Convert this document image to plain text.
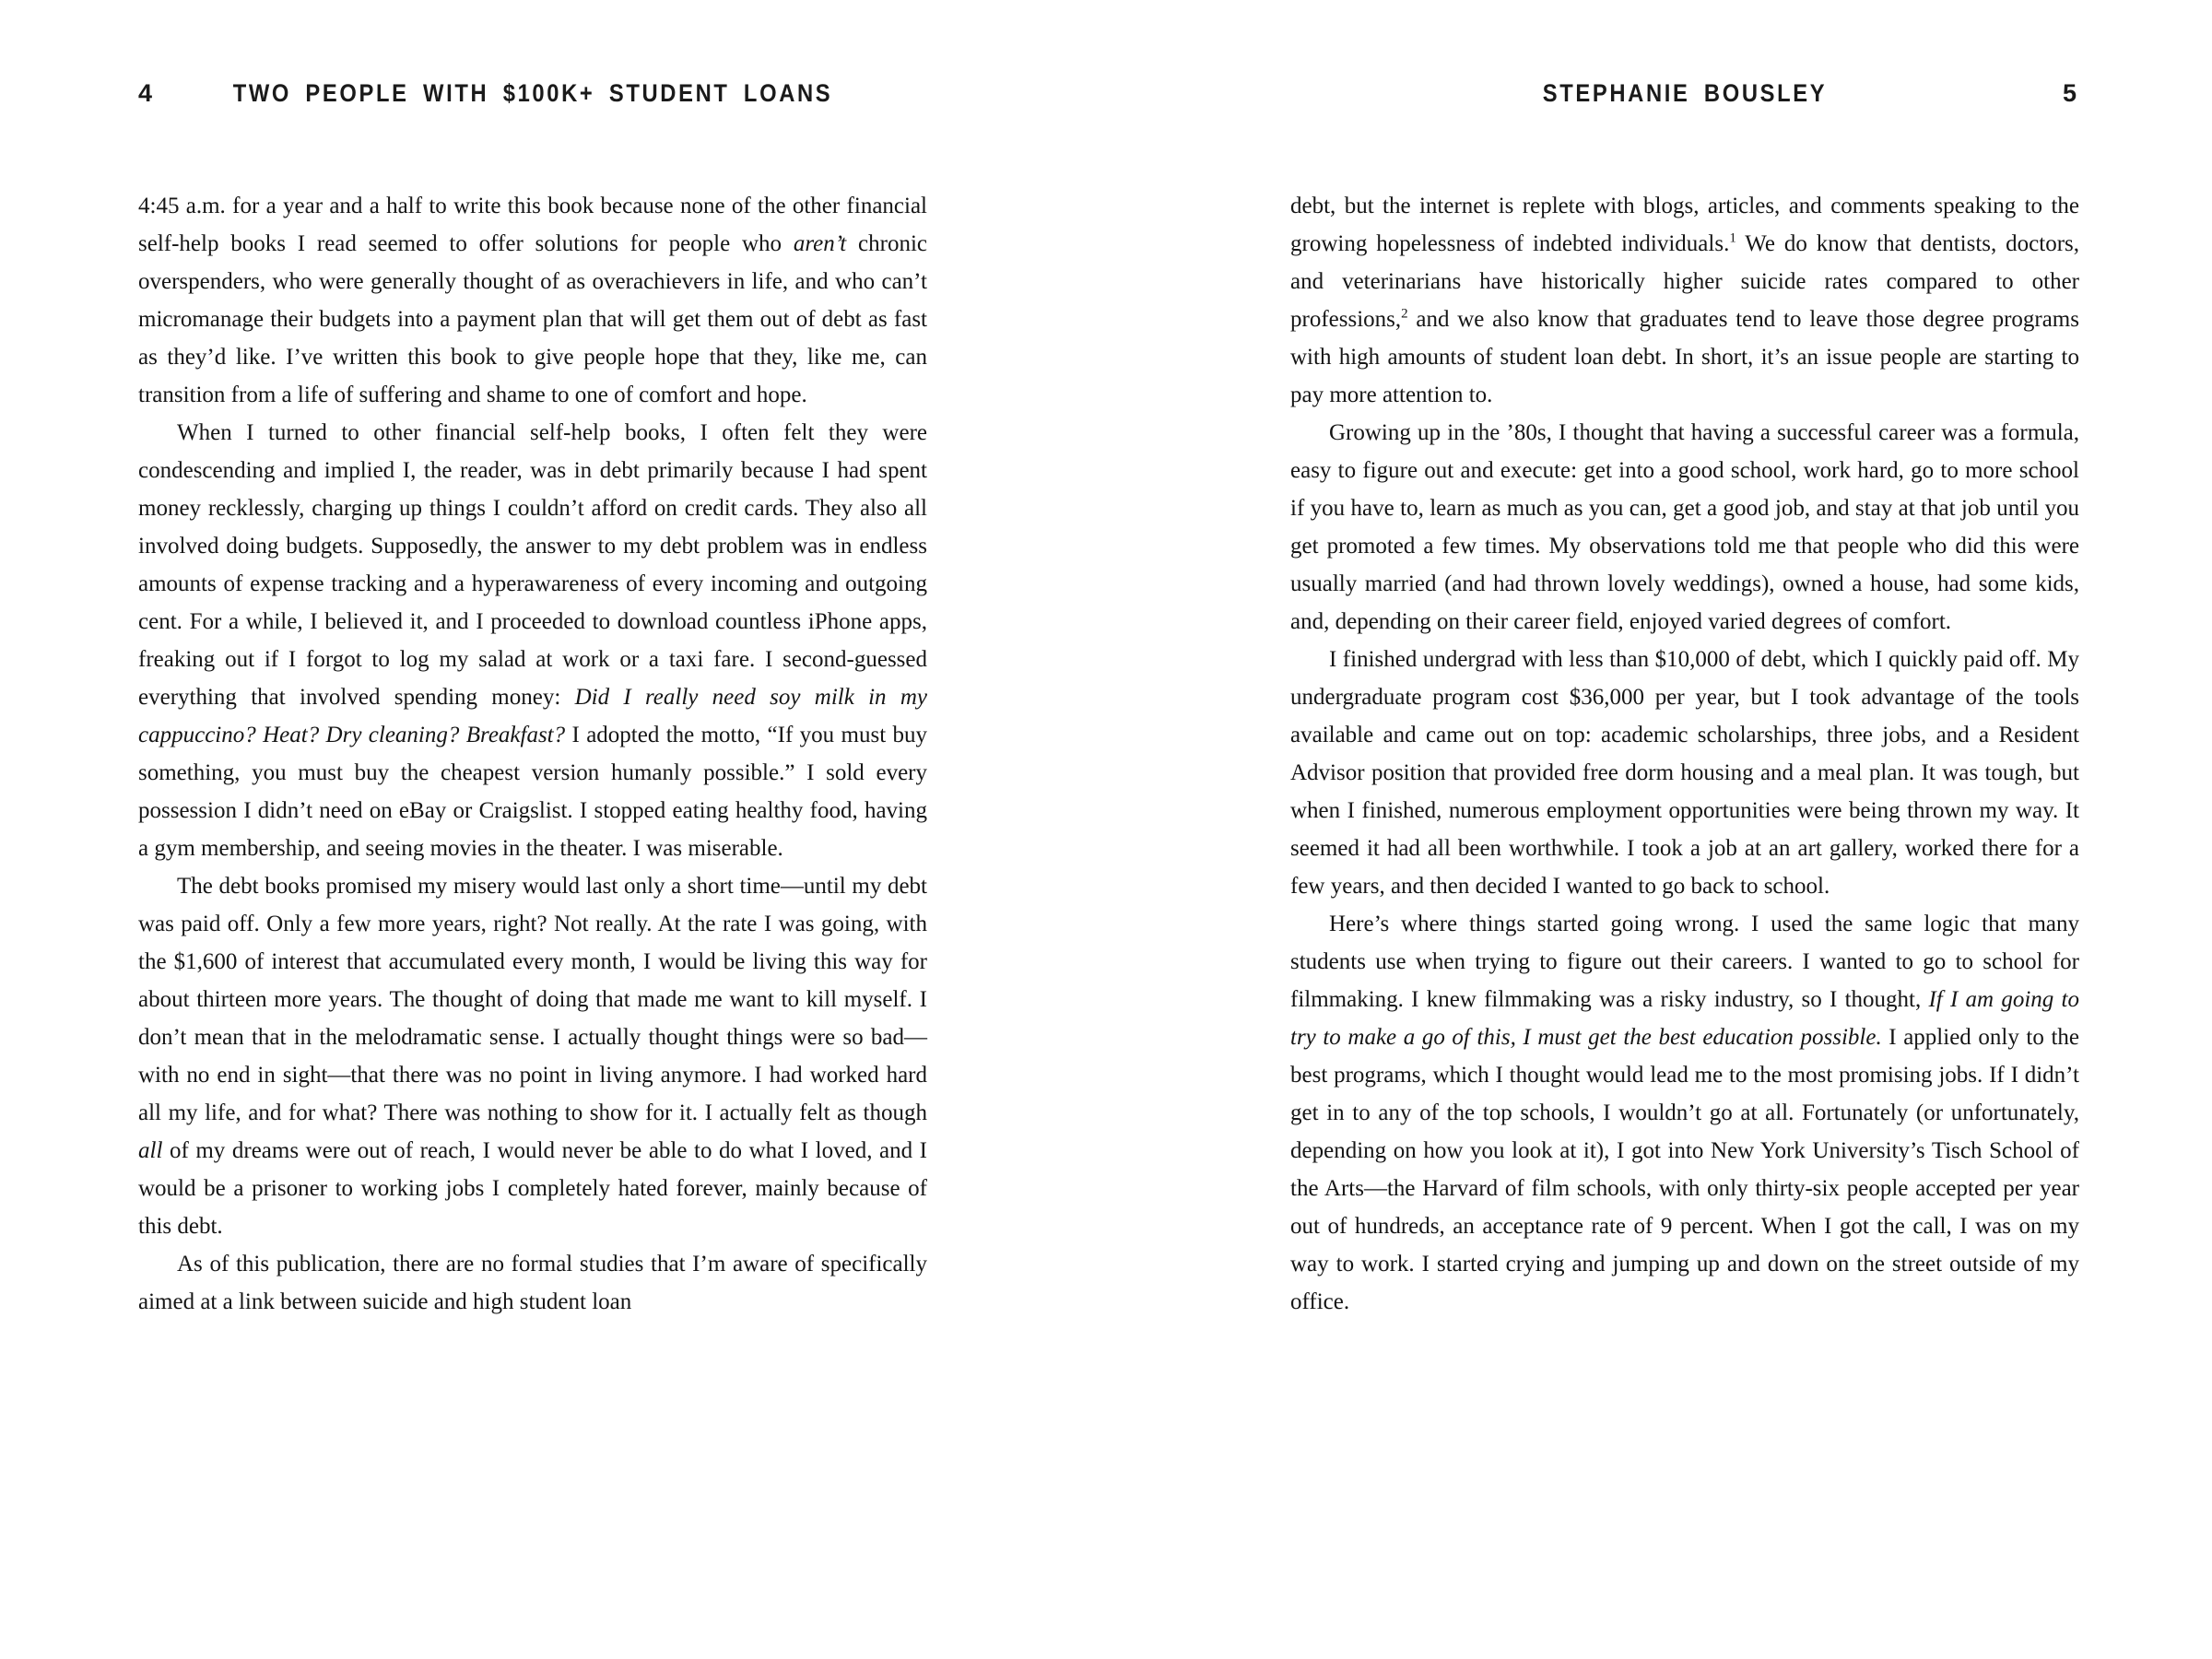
4	TWO PEOPLE WITH $100K+ STUDENT LOANS

4:45 a.m. for a year and a half to write this book because none of the other financial self-help books I read seemed to offer solutions for people who aren’t chronic overspenders, who were generally thought of as overachievers in life, and who can’t micromanage their budgets into a payment plan that will get them out of debt as fast as they’d like. I’ve written this book to give people hope that they, like me, can transition from a life of suffering and shame to one of comfort and hope.

When I turned to other financial self-help books, I often felt they were condescending and implied I, the reader, was in debt primarily because I had spent money recklessly, charging up things I couldn’t afford on credit cards. They also all involved doing budgets. Supposedly, the answer to my debt problem was in endless amounts of expense tracking and a hyperawareness of every incoming and outgoing cent. For a while, I believed it, and I proceeded to download countless iPhone apps, freaking out if I forgot to log my salad at work or a taxi fare. I second-guessed everything that involved spending money: Did I really need soy milk in my cappuccino? Heat? Dry cleaning? Breakfast? I adopted the motto, “If you must buy something, you must buy the cheapest version humanly possible.” I sold every possession I didn’t need on eBay or Craigslist. I stopped eating healthy food, having a gym membership, and seeing movies in the theater. I was miserable.

The debt books promised my misery would last only a short time—until my debt was paid off. Only a few more years, right? Not really. At the rate I was going, with the $1,600 of interest that accumulated every month, I would be living this way for about thirteen more years. The thought of doing that made me want to kill myself. I don’t mean that in the melodramatic sense. I actually thought things were so bad—with no end in sight—that there was no point in living anymore. I had worked hard all my life, and for what? There was nothing to show for it. I actually felt as though all of my dreams were out of reach, I would never be able to do what I loved, and I would be a prisoner to working jobs I completely hated forever, mainly because of this debt.

As of this publication, there are no formal studies that I’m aware of specifically aimed at a link between suicide and high student loan

STEPHANIE BOUSLEY	5

debt, but the internet is replete with blogs, articles, and comments speaking to the growing hopelessness of indebted individuals.$^1$ We do know that dentists, doctors, and veterinarians have historically higher suicide rates compared to other professions,$^2$ and we also know that graduates tend to leave those degree programs with high amounts of student loan debt. In short, it’s an issue people are starting to pay more attention to.

Growing up in the ’80s, I thought that having a successful career was a formula, easy to figure out and execute: get into a good school, work hard, go to more school if you have to, learn as much as you can, get a good job, and stay at that job until you get promoted a few times. My observations told me that people who did this were usually married (and had thrown lovely weddings), owned a house, had some kids, and, depending on their career field, enjoyed varied degrees of comfort.

I finished undergrad with less than $10,000 of debt, which I quickly paid off. My undergraduate program cost $36,000 per year, but I took advantage of the tools available and came out on top: academic scholarships, three jobs, and a Resident Advisor position that provided free dorm housing and a meal plan. It was tough, but when I finished, numerous employment opportunities were being thrown my way. It seemed it had all been worthwhile. I took a job at an art gallery, worked there for a few years, and then decided I wanted to go back to school.

Here’s where things started going wrong. I used the same logic that many students use when trying to figure out their careers. I wanted to go to school for filmmaking. I knew filmmaking was a risky industry, so I thought, If I am going to try to make a go of this, I must get the best education possible. I applied only to the best programs, which I thought would lead me to the most promising jobs. If I didn’t get in to any of the top schools, I wouldn’t go at all. Fortunately (or unfortunately, depending on how you look at it), I got into New York University’s Tisch School of the Arts—the Harvard of film schools, with only thirty-six people accepted per year out of hundreds, an acceptance rate of 9 percent. When I got the call, I was on my way to work. I started crying and jumping up and down on the street outside of my office.
